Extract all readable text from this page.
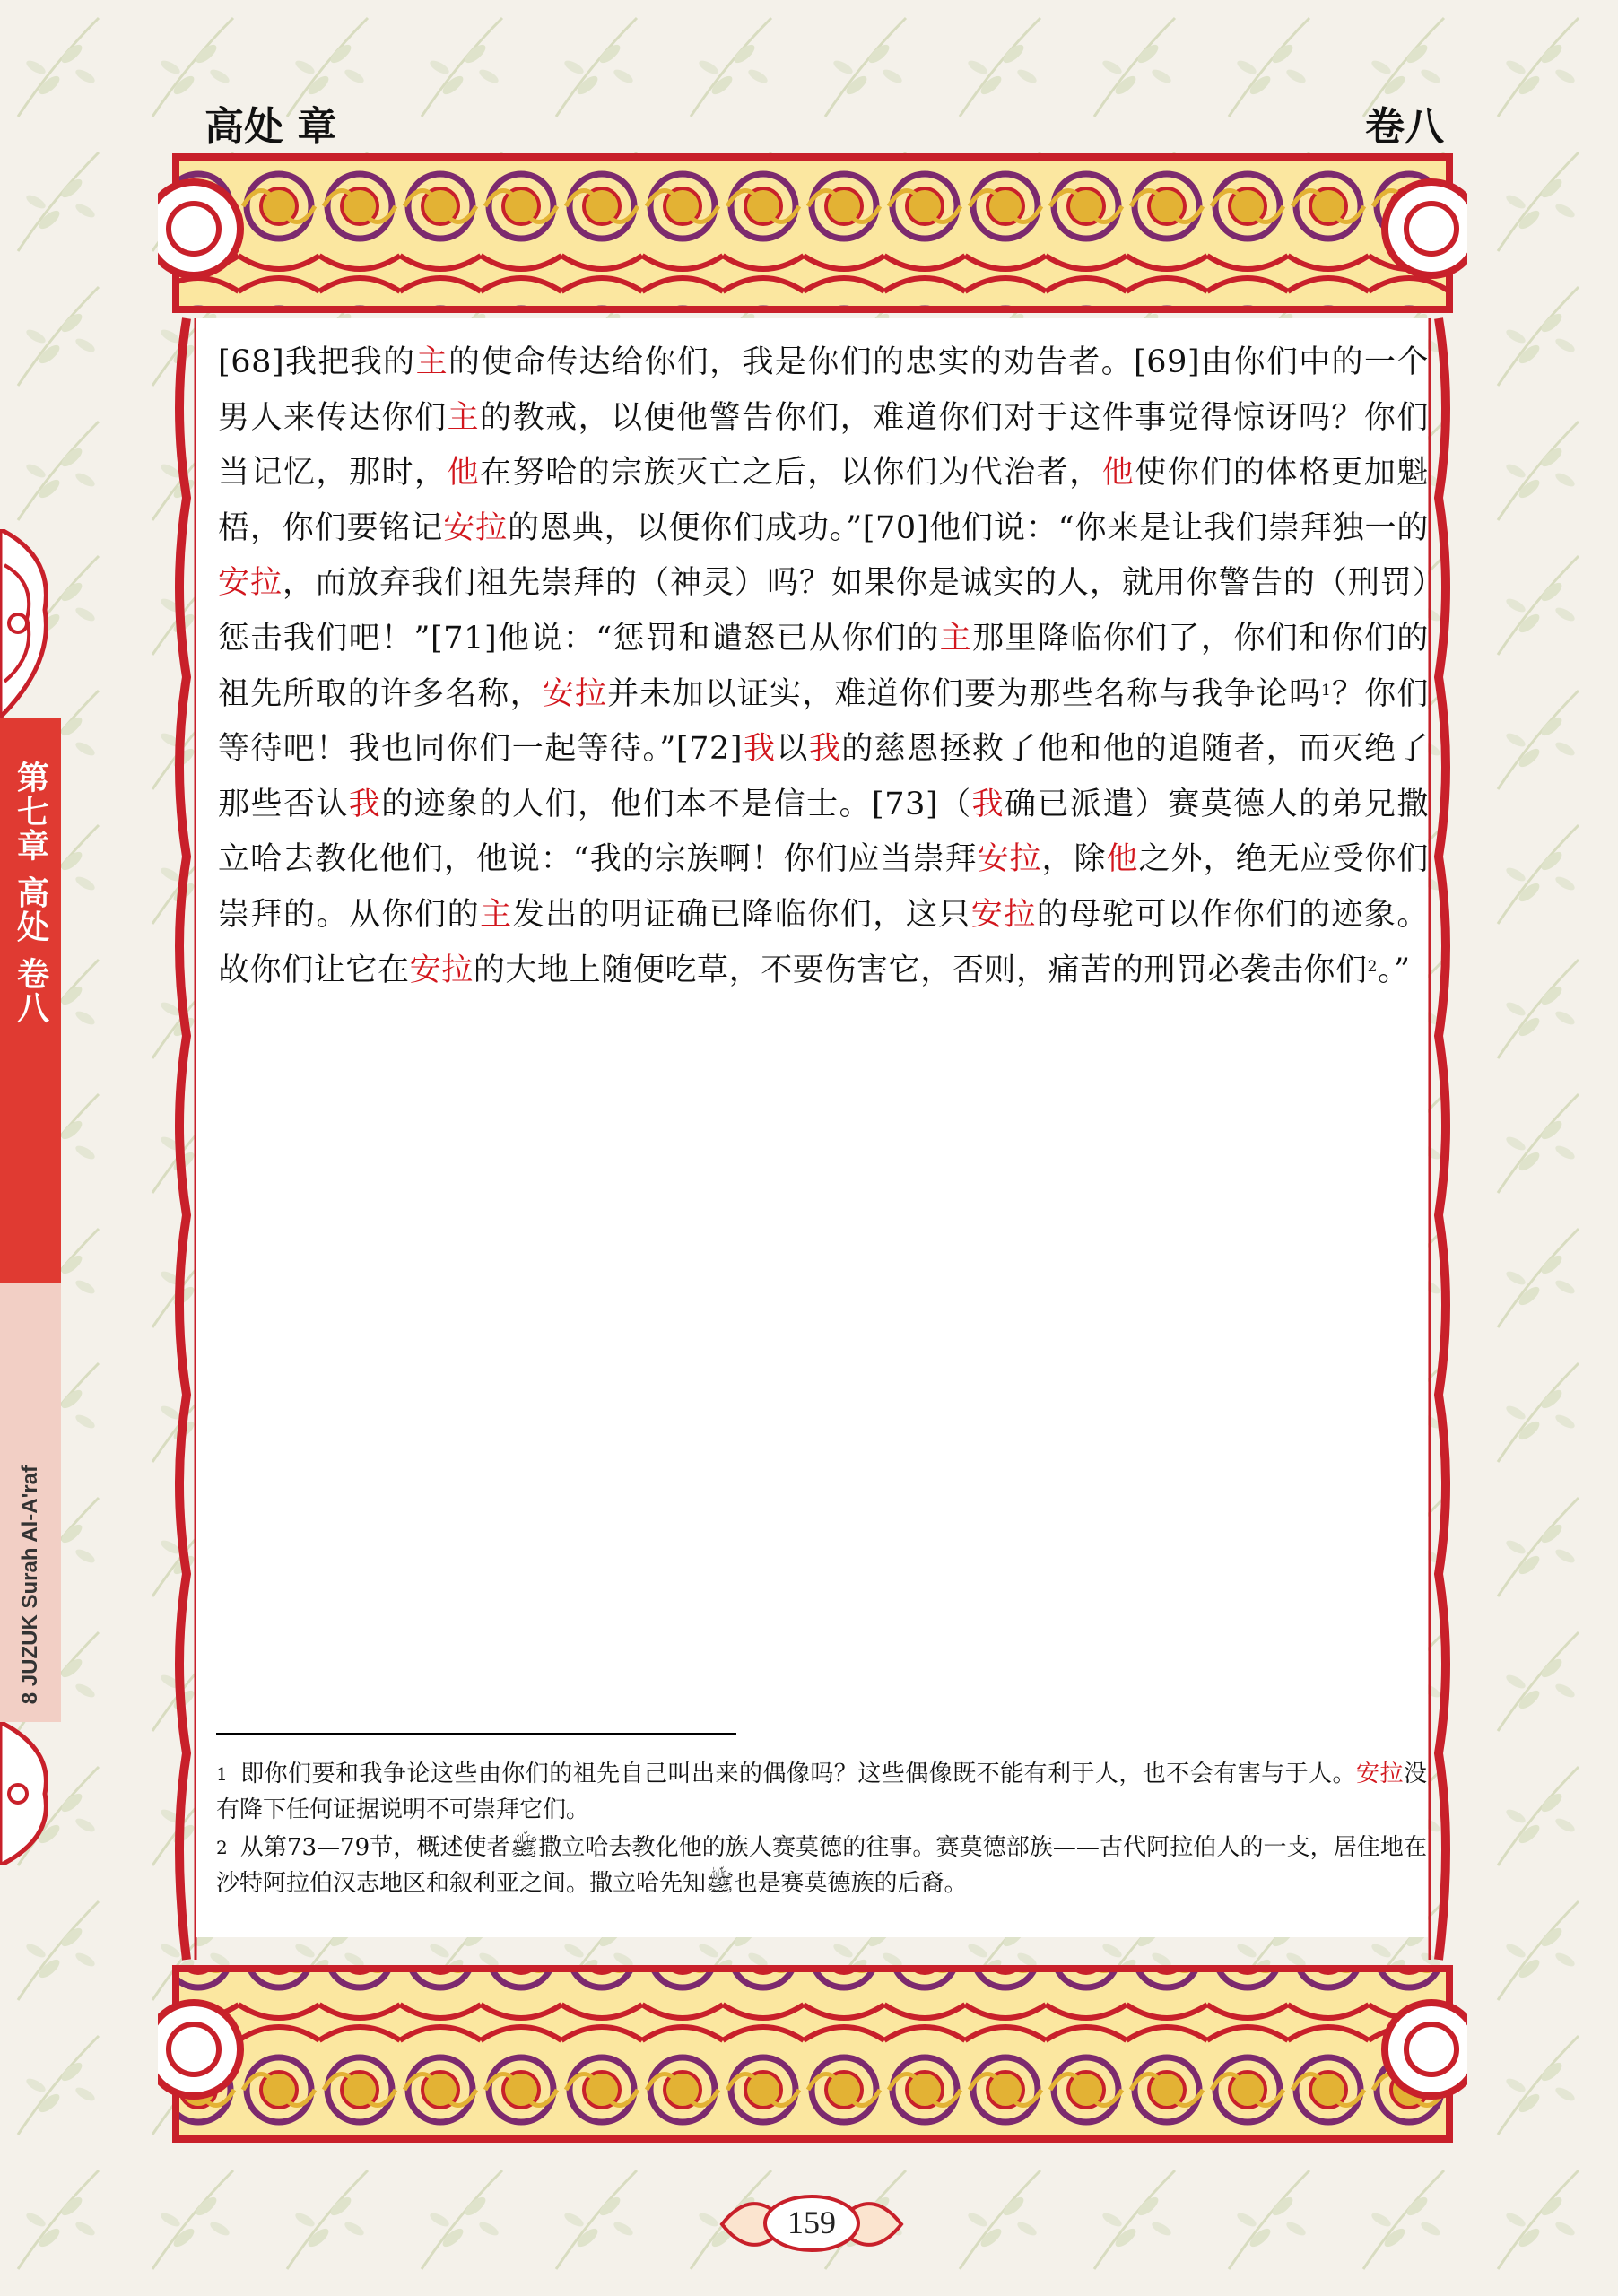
高处 章	卷八
[68]我把我的主的使命传达给你们，我是你们的忠实的劝告者。[69]由你们中的一个男人来传达你们主的教戒，以便他警告你们，难道你们对于这件事觉得惊讶吗？你们当记忆，那时，他在努哈的宗族灭亡之后，以你们为代治者，他使你们的体格更加魁梧，你们要铭记安拉的恩典，以便你们成功。”[70]他们说：“你来是让我们崇拜独一的安拉，而放弃我们祖先崇拜的（神灵）吗？如果你是诚实的人，就用你警告的（刑罚）惩击我们吧！”[71]他说：“惩罚和谴怒已从你们的主那里降临你们了，你们和你们的祖先所取的许多名称，安拉并未加以证实，难道你们要为那些名称与我争论吗$^1$？你们等待吧！我也同你们一起等待。”[72]我以我的慈恩拯救了他和他的追随者，而灭绝了那些否认我的迹象的人们，他们本不是信士。[73]（我确已派遣）赛莫德人的弟兄撒立哈去教化他们，他说：“我的宗族啊！你们应当崇拜安拉，除他之外，绝无应受你们崇拜的。从你们的主发出的明证确已降临你们，这只安拉的母驼可以作你们的迹象。故你们让它在安拉的大地上随便吃草，不要伤害它，否则，痛苦的刑罚必袭击你们$^2$。”
$^1$ 即你们要和我争论这些由你们的祖先自己叫出来的偶像吗？这些偶像既不能有利于人，也不会有害与于人。安拉没有降下任何证据说明不可崇拜它们。
$^2$ 从第73—79节，概述使者ﷺ撒立哈去教化他的族人赛莫德的往事。赛莫德部族——古代阿拉伯人的一支，居住地在沙特阿拉伯汉志地区和叙利亚之间。撒立哈先知ﷺ也是赛莫德族的后裔。
第七章 高处 卷八
8 JUZUK Surah Al-A'raf
159
